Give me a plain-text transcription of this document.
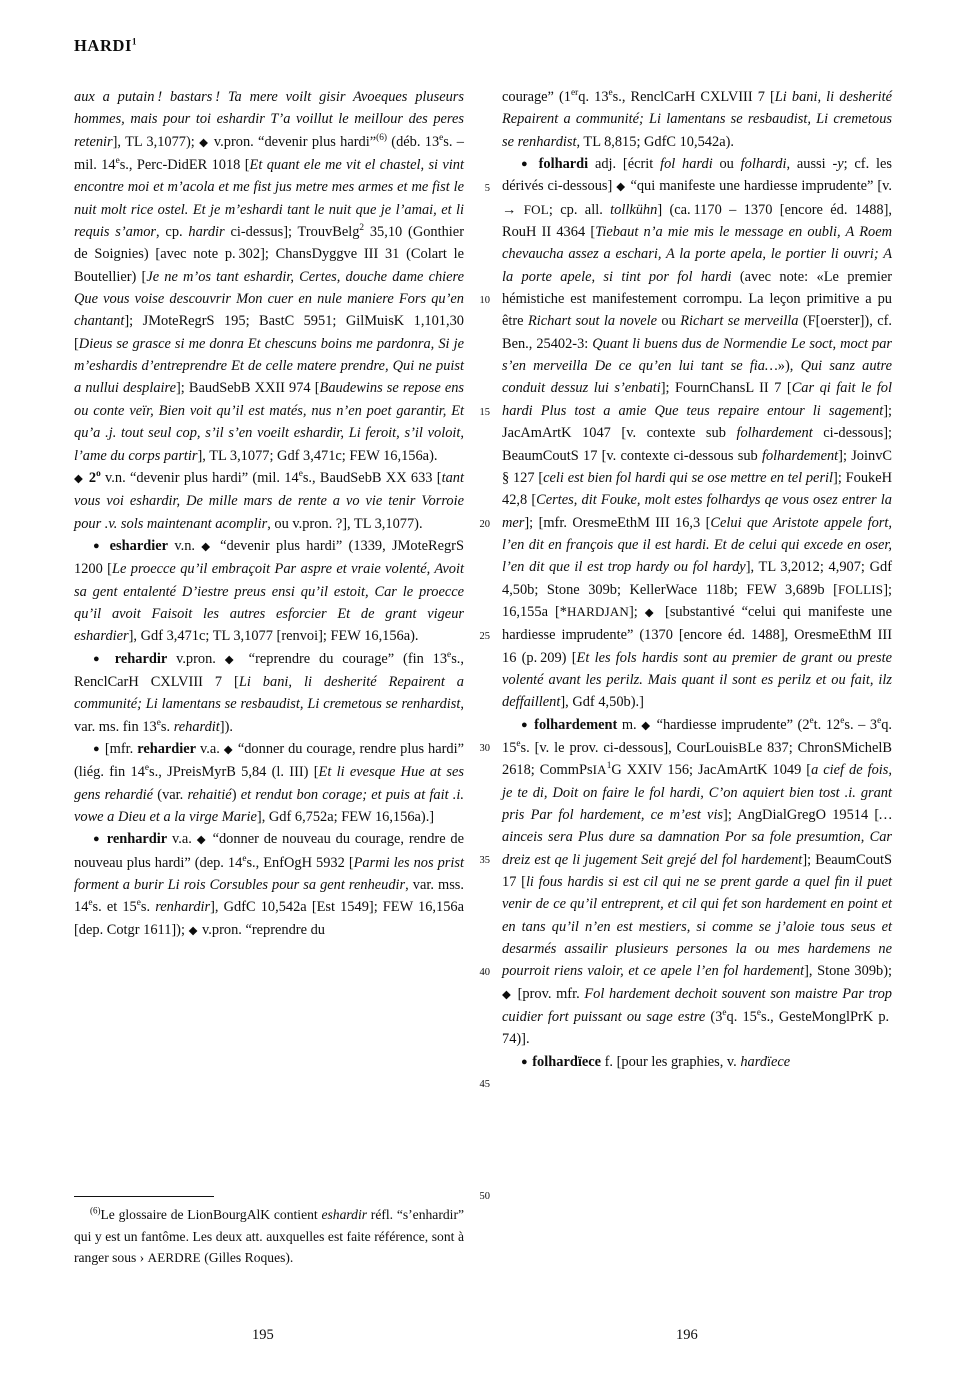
HARDI$^1$
5
10
15
20
25
30
35
40
45
50

aux a putain ! bastars ! Ta mere voilt gisir Avoeques pluseurs hommes, mais pour toi eshardir T’a voillut le meillour des peres retenir], TL 3,1077); ◆ v.pron. “devenir plus hardi”$^{(6)}$ (déb. 13es. – mil. 14es., Perc-DidER 1018 [Et quant ele me vit el chastel, si vint encontre moi et m’acola et me fist jus metre mes armes et me fist le nuit molt rice ostel. Et je m’eshardi tant le nuit que je l’amai, et li requis s’amor, cp. hardir ci-dessus]; TrouvBelg$^2$ 35,10 (Gonthier de Soignies) [avec note p. 302]; ChansDyggve III 31 (Colart le Boutellier) [Je ne m’os tant eshardir, Certes, douche dame chiere Que vous voise descouvrir Mon cuer en nule maniere Fors qu’en chantant]; JMoteRegrS 195; BastC 5951; GilMuisK 1,101,30 [Dieus se grasce si me donra Et chescuns boins me pardonra, Si je m’eshardis d’entreprendre Et de celle matere prendre, Qui ne puist a nullui desplaire]; BaudSebB XXII 974 [Baudewins se repose ens ou conte veïr, Bien voit qu’il est matés, nus n’en poet garantir, Et qu’a .j. tout seul cop, s’il s’en voeilt eshardir, Li feroit, s’il voloit, l’ame du corps partir], TL 3,1077; Gdf 3,471c; FEW 16,156a).

◆ 2$^o$ v.n. “devenir plus hardi” (mil. 14es., BaudSebB XX 633 [tant vous voi eshardir, De mille mars de rente a vo vie tenir Vorroie pour .v. sols maintenant acomplir, ou v.pron. ?], TL 3,1077).

● eshardier v.n. ◆ “devenir plus hardi” (1339, JMoteRegrS 1200 [Le proecce qu’il embraçoit Par aspre et vraie volenté, Avoit sa gent entalenté D’iestre preus ensi qu’il estoit, Car le proecce qu’il avoit Faisoit les autres esforcier Et de grant vigeur eshardier], Gdf 3,471c; TL 3,1077 [renvoi]; FEW 16,156a).

● rehardir v.pron. ◆ “reprendre du courage” (fin 13es., RenclCarH CXLVIII 7 [Li bani, li desherité Repairent a communité; Li lamentans se resbaudist, Li cremetous se renhardist, var. ms. fin 13es. rehardit]).

● [mfr. rehardier v.a. ◆ “donner du courage, rendre plus hardi” (liég. fin 14es., JPreisMyrB 5,84 (l. III) [Et li evesque Hue at ses gens rehardié (var. rehaitié) et rendut bon corage; et puis at fait .i. vowe a Dieu et a la virge Marie], Gdf 6,752a; FEW 16,156a).]

● renhardir v.a. ◆ “donner de nouveau du courage, rendre de nouveau plus hardi” (dep. 14es., EnfOgH 5932 [Parmi les nos prist forment a burir Li rois Corsubles pour sa gent renheudir, var. mss. 14es. et 15es. renhardir], GdfC 10,542a [Est 1549]; FEW 16,156a [dep. Cotgr 1611]); ◆ v.pron. “reprendre du

courage” (1erq. 13es., RenclCarH CXLVIII 7 [Li bani, li desherité Repairent a communité; Li lamentans se resbaudist, Li cremetous se renhardist, TL 8,815; GdfC 10,542a).

● folhardi adj. [écrit fol hardi ou folhardi, aussi -y; cf. les dérivés ci-dessous] ◆ “qui manifeste une hardiesse imprudente” [v. → FOL; cp. all. tollkühn] (ca. 1170 – 1370 [encore éd. 1488], RouH II 4364 [Tiebaut n’a mie mis le message en oubli, A Roem chevaucha assez a eschari, A la porte apela, le portier li ouvri; A la porte apele, si tint por fol hardi (avec note: «Le premier hémistiche est manifestement corrompu. La leçon primitive a pu être Richart sout la novele ou Richart se merveilla (F[oerster]), cf. Ben., 25402-3: Quant li buens dus de Normendie Le soct, moct par s’en merveilla De ce qu’en lui tant se fia…»), Qui sanz autre conduit dessuz lui s’enbati]; FournChansL II 7 [Car qi fait le fol hardi Plus tost a amie Que teus repaire entour li sagement]; JacAmArtK 1047 [v. contexte sub folhardement ci-dessous]; BeaumCoutS 17 [v. contexte ci-dessous sub folhardement]; JoinvC § 127 [celi est bien fol hardi qui se ose mettre en tel peril]; FoukeH 42,8 [Certes, dit Fouke, molt estes folhardys qe vous osez entrer la mer]; [mfr. OresmeEthM III 16,3 [Celui que Aristote appele fort, l’en dit en françois que il est hardi. Et de celui qui excede en oser, l’en dit que il est trop hardy ou fol hardy], TL 3,2012; 4,907; Gdf 4,50b; Stone 309b; KellerWace 118b; FEW 3,689b [FOLLIS]; 16,155a [*HARDJAN]; ◆ [substantivé “celui qui manifeste une hardiesse imprudente” (1370 [encore éd. 1488], OresmeEthM III 16 (p. 209) [Et les fols hardis sont au premier de grant ou preste volenté avant les perilz. Mais quant il sont es perilz et ou fait, ilz deffaillent], Gdf 4,50b).]

● folhardement m. ◆ “hardiesse imprudente” (2et. 12es. – 3eq. 15es. [v. le prov. ci-dessous], CourLouisBLe 837; ChronSMichelB 2618; CommPsIA$^1$G XXIV 156; JacAmArtK 1049 [a cief de fois, je te di, Doit on faire le fol hardi, C’on aquiert bien tost .i. grant pris Par fol hardement, ce m’est vis]; AngDialGregO 19514 […ainceis sera Plus dure sa damnation Por sa fole presumtion, Car dreiz est qe li jugement Seit grejé del fol hardement]; BeaumCoutS 17 [li fous hardis si est cil qui ne se prent garde a quel fin il puet venir de ce qu’il entreprent, et cil qui fet son hardement en point et en tans qu’il n’en est mestiers, si comme se j’aloie tous seus et desarmés assailir plusieurs persones la ou mes hardemens ne pourroit riens valoir, et ce apele l’en fol hardement], Stone 309b); ◆ [prov. mfr. Fol hardement dechoit souvent son maistre Par trop cuidier fort puissant ou sage estre (3eq. 15es., GesteMonglPrK p. 74)].

● folhardïece f. [pour les graphies, v. hardïece

$^{(6)}$Le glossaire de LionBourgAlK contient eshardir réfl. “s’enhardir” qui y est un fantôme. Les deux att. auxquelles est faite référence, sont à ranger sous › AERDRE (Gilles Roques).

195	196
